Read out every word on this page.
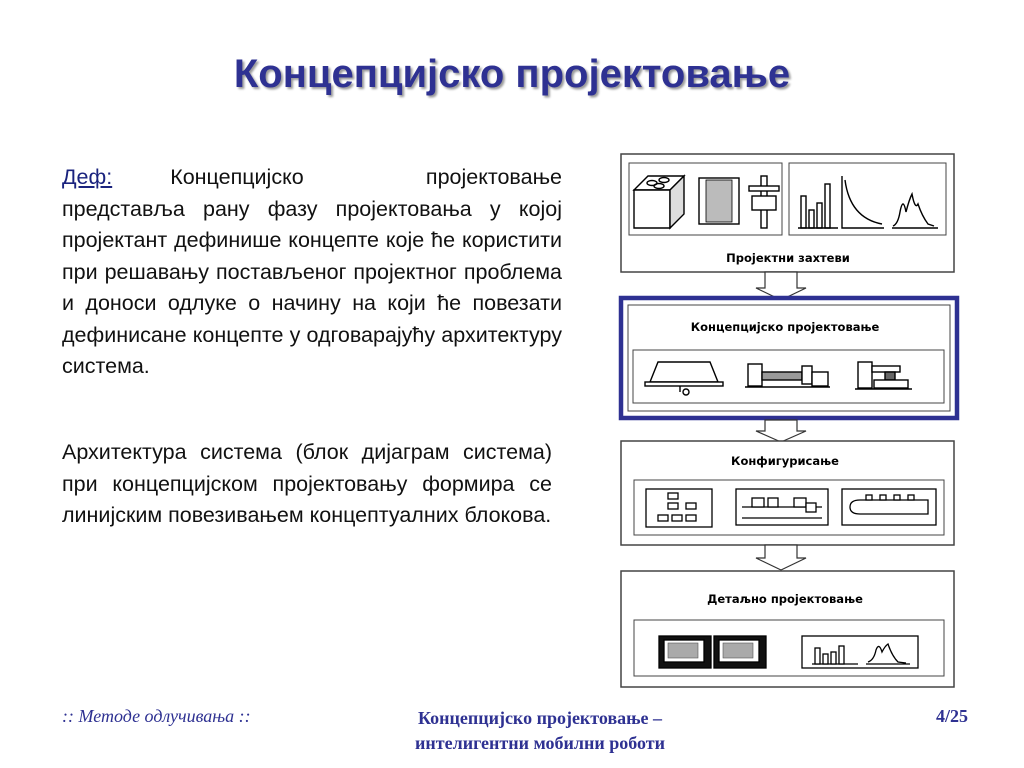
Концепцијско пројектовање
Деф:	Концепцијско пројектовање представља рану фазу пројектовања у којој пројектант дефинише концепте које ће користити при решавању постављеног пројектног проблема и доноси одлуке о начину на који ће повезати дефинисане концепте у одговарајућу архитектуру система.
Архитектура система (блок дијаграм система) при концепцијском пројектовању формира се линијским повезивањем концептуалних блокова.
Пројектни захтеви
Концепцијско пројектовање
Конфигурисање
Детаљно пројектовање
:: Методе одлучивања ::	Концепцијско пројектовање –
интелигентни мобилни роботи
4/25
